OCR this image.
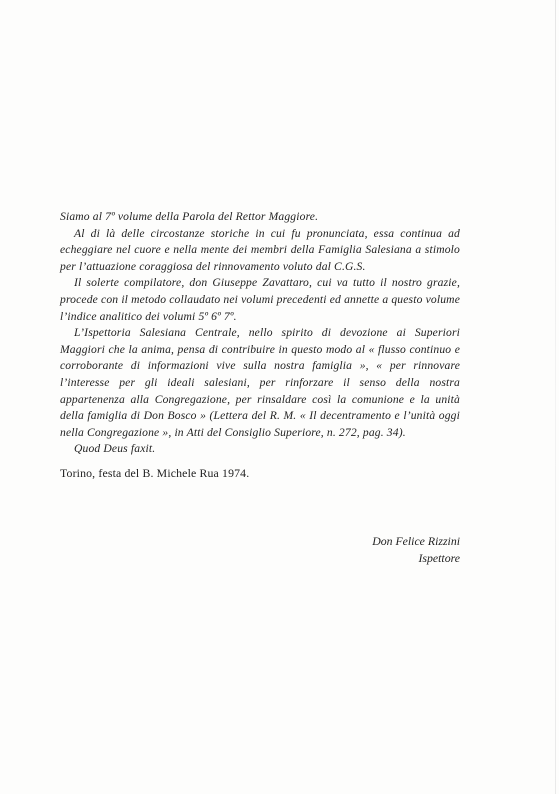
Siamo al 7º volume della Parola del Rettor Maggiore.

Al di là delle circostanze storiche in cui fu pronunciata, essa continua ad echeggiare nel cuore e nella mente dei membri della Famiglia Salesiana a stimolo per l’attuazione coraggiosa del rinnovamento voluto dal C.G.S.

Il solerte compilatore, don Giuseppe Zavattaro, cui va tutto il nostro grazie, procede con il metodo collaudato nei volumi precedenti ed annette a questo volume l’indice analitico dei volumi 5º 6º 7º.

L’Ispettoria Salesiana Centrale, nello spirito di devozione ai Superiori Maggiori che la anima, pensa di contribuire in questo modo al « flusso continuo e corroborante di informazioni vive sulla nostra famiglia », « per rinnovare l’interesse per gli ideali salesiani, per rinforzare il senso della nostra appartenenza alla Congregazione, per rinsaldare così la comunione e la unità della famiglia di Don Bosco » (Lettera del R. M. « Il decentramento e l’unità oggi nella Congregazione », in Atti del Consiglio Superiore, n. 272, pag. 34).

Quod Deus faxit.

Torino, festa del B. Michele Rua 1974.

Don Felice Rizzini
Ispettore
